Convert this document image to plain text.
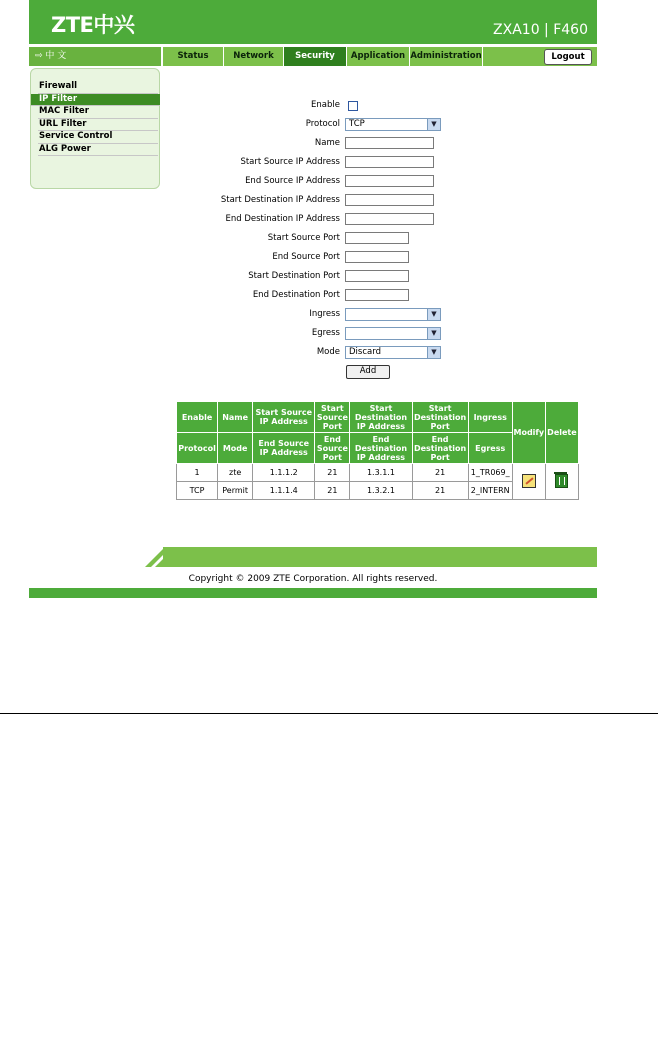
ZTE中兴	ZXA10 | F460
⇨ 中 文	Status	Network	Security	Application Administration	Logout
Firewall
IP Filter
MAC Filter
URL Filter
Service Control
ALG Power
Enable
Protocol	TCP	▼
Name
Start Source IP Address
End Source IP Address
Start Destination IP Address
End Destination IP Address
Start Source Port
End Source Port
Start Destination Port
End Destination Port
Ingress	▼
Egress	▼
Mode	Discard	▼
Add
Enable	Name	Start Source IP Address	Start Source Port	Start Destination IP Address	Start Destination Port	Ingress	Modify	Delete
Protocol	Mode	End Source IP Address	End Source Port	End Destination IP Address	End Destination Port	Egress		
1	zte	1.1.1.2	21	1.3.1.1	21	1_TR069_		
TCP	Permit	1.1.1.4	21	1.3.2.1	21	2_INTERN		
Copyright © 2009 ZTE Corporation. All rights reserved.
